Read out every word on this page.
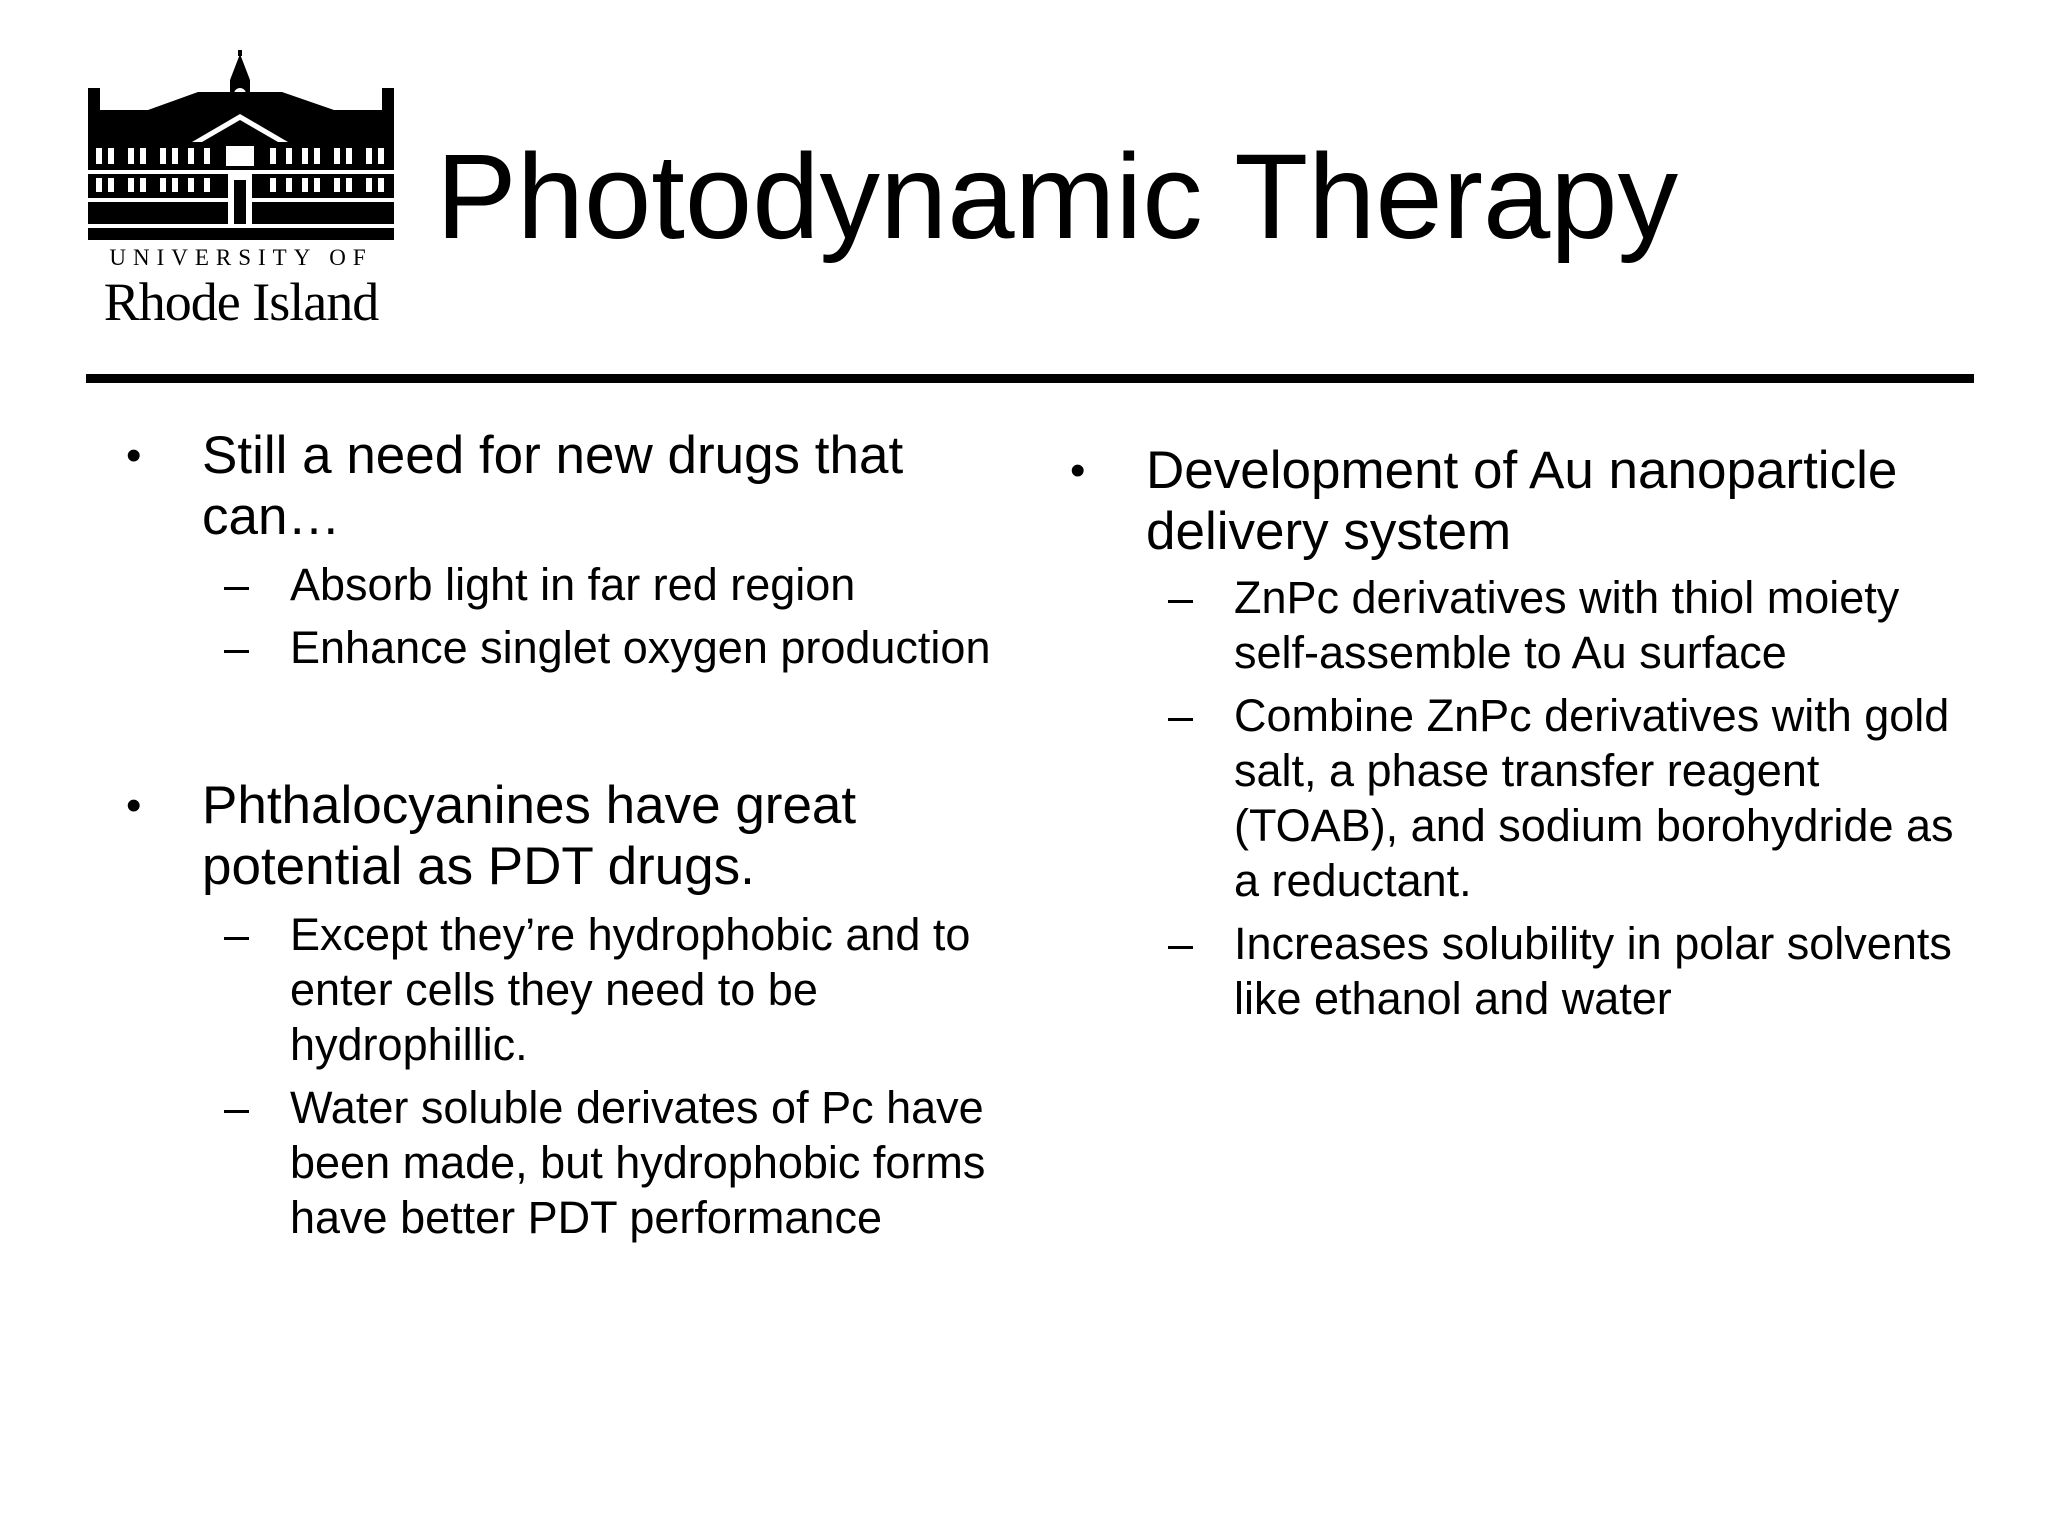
UNIVERSITY OF
Rhode Island
Photodynamic Therapy
• Still a need for new drugs that can…
– Absorb light in far red region
– Enhance singlet oxygen production
• Phthalocyanines have great potential as PDT drugs.
– Except they’re hydrophobic and to enter cells they need to be hydrophillic.
– Water soluble derivates of Pc have been made, but hydrophobic forms have better PDT performance
• Development of Au nanoparticle delivery system
– ZnPc derivatives with thiol moiety self-assemble to Au surface
– Combine ZnPc derivatives with gold salt, a phase transfer reagent (TOAB), and sodium borohydride as a reductant.
– Increases solubility in polar solvents like ethanol and water
